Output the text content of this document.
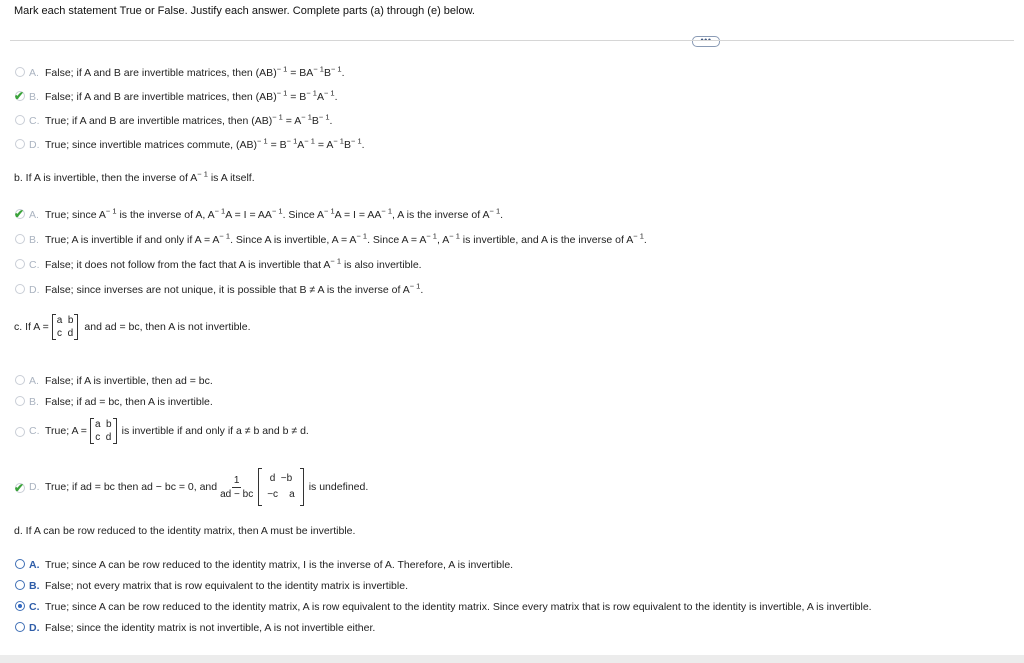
Mark each statement True or False. Justify each answer. Complete parts (a) through (e) below.
•••
A. False; if A and B are invertible matrices, then $(AB)^{- 1} = BA^{- 1}B^{- 1}$.
✔ B. False; if A and B are invertible matrices, then $(AB)^{- 1} = B^{- 1}A^{- 1}$.
C. True; if A and B are invertible matrices, then $(AB)^{- 1} = A^{- 1}B^{- 1}$.
D. True; since invertible matrices commute, $(AB)^{- 1} = B^{- 1}A^{- 1} = A^{- 1}B^{- 1}$.
b. If A is invertible, then the inverse of $A^{- 1}$ is A itself.
✔ A. True; since $A^{- 1}$ is the inverse of A, $A^{- 1}A = I = AA^{- 1}$. Since $A^{- 1}A = I = AA^{- 1}$, A is the inverse of $A^{- 1}$.
B. True; A is invertible if and only if $A = A^{- 1}$. Since A is invertible, $A = A^{- 1}$. Since $A = A^{- 1}$, $A^{- 1}$ is invertible, and A is the inverse of $A^{- 1}$.
C. False; it does not follow from the fact that A is invertible that $A^{- 1}$ is also invertible.
D. False; since inverses are not unique, it is possible that B ≠ A is the inverse of $A^{- 1}$.
c. If A =
a  b
c  d
and ad = bc, then A is not invertible.
A. False; if A is invertible, then ad = bc.
B. False; if ad = bc, then A is invertible.
C. True; A =
a  b
c  d
is invertible if and only if a ≠ b and b ≠ d.
✔ D. True; if ad = bc then ad − bc = 0, and $\frac{1}{ad - bc}$	d  −b
−c    a
is undefined.
d. If A can be row reduced to the identity matrix, then A must be invertible.
A. True; since A can be row reduced to the identity matrix, I is the inverse of A. Therefore, A is invertible.
B. False; not every matrix that is row equivalent to the identity matrix is invertible.
C. True; since A can be row reduced to the identity matrix, A is row equivalent to the identity matrix. Since every matrix that is row equivalent to the identity is invertible, A is invertible.
D. False; since the identity matrix is not invertible, A is not invertible either.
